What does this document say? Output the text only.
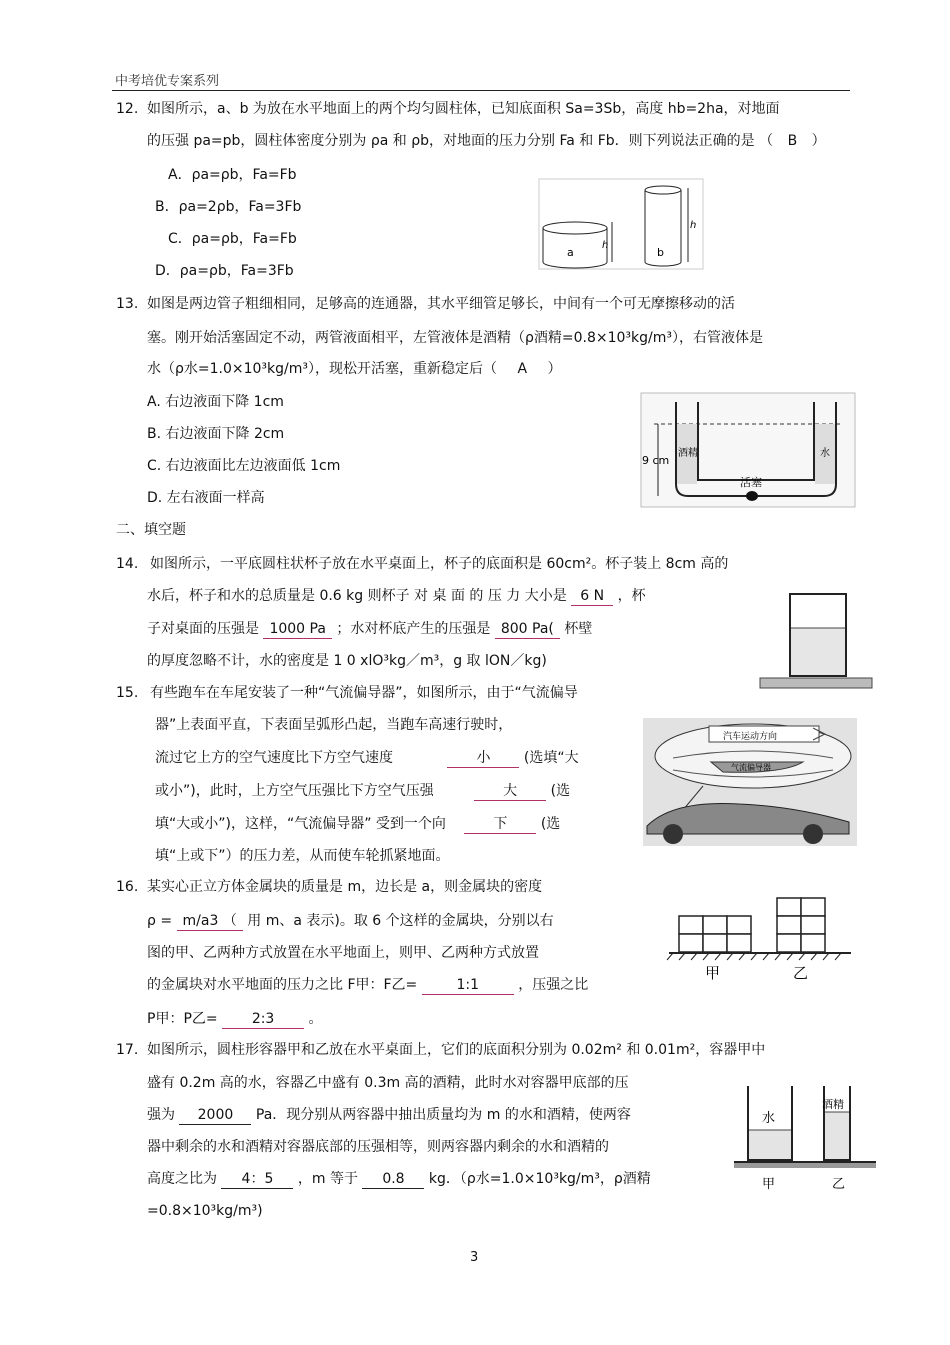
中考培优专案系列
12. 如图所示，a、b 为放在水平地面上的两个均匀圆柱体，已知底面积 Sa=3Sb，高度 hb=2ha，对地面
的压强 pa=pb，圆柱体密度分别为 ρa 和 ρb，对地面的压力分别 Fa 和 Fb．则下列说法正确的是 （ B ）
A．ρa=ρb，Fa=Fb
B．ρa=2ρb，Fa=3Fb
C．ρa=ρb，Fa=Fb
D．ρa=ρb，Fa=3Fb
a
h
b
h
13. 如图是两边管子粗细相同，足够高的连通器，其水平细管足够长，中间有一个可无摩擦移动的活
塞。刚开始活塞固定不动，两管液面相平，左管液体是酒精（ρ酒精=0.8×10³kg/m³），右管液体是
水（ρ水=1.0×10³kg/m³），现松开活塞，重新稳定后（ A ）
A. 右边液面下降 1cm
B. 右边液面下降 2cm
C. 右边液面比左边液面低 1cm
D. 左右液面一样高
9 cm
酒精	水
活塞
二、填空题
14. 如图所示，一平底圆柱状杯子放在水平桌面上，杯子的底面积是 60cm²。杯子装上 8cm 高的
水后，杯子和水的总质量是 0.6 kg 则杯子 对 桌 面 的 压 力 大小是 6 N ，杯
子对桌面的压强是 1000 Pa ；水对杯底产生的压强是 800 Pa( 杯壁
的厚度忽略不计，水的密度是 1 0 xlO³kg／m³，g 取 lON／kg)
15. 有些跑车在车尾安装了一种“气流偏导器”，如图所示，由于“气流偏导
器”上表面平直，下表面呈弧形凸起，当跑车高速行驶时，
流过它上方的空气速度比下方空气速度	小 (选填“大
或小”)，此时，上方空气压强比下方空气压强	大 (选
填“大或小”)，这样，“气流偏导器” 受到一个向	下 (选
填“上或下”）的压力差，从而使车轮抓紧地面。
汽车运动方向
气流偏导器
16. 某实心正立方体金属块的质量是 m，边长是 a，则金属块的密度
ρ = m/a3 （ 用 m、a 表示)。取 6 个这样的金属块，分别以右
图的甲、乙两种方式放置在水平地面上，则甲、乙两种方式放置
的金属块对水平地面的压力之比 F甲：F乙=	1:1	，压强之比
P甲：P乙= 2:3 。
甲	乙
17. 如图所示，圆柱形容器甲和乙放在水平桌面上，它们的底面积分别为 0.02m² 和 0.01m²，容器甲中
盛有 0.2m 高的水，容器乙中盛有 0.3m 高的酒精，此时水对容器甲底部的压
强为 2000 Pa．现分别从两容器中抽出质量均为 m 的水和酒精，使两容
器中剩余的水和酒精对容器底部的压强相等，则两容器内剩余的水和酒精的
高度之比为 4：5 ，m 等于 0.8 kg．（ρ水=1.0×10³kg/m³，ρ酒精
=0.8×10³kg/m³)
水
酒精
甲	乙
3
